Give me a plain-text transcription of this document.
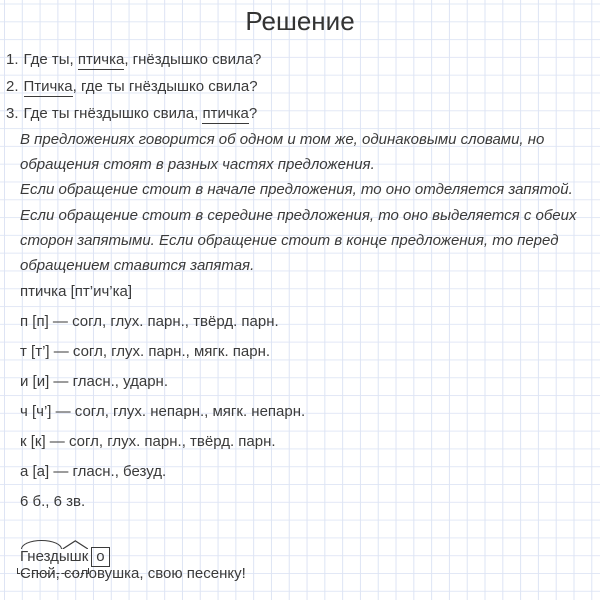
Решение
1. Где ты, птичка, гнёздышко свила?
2. Птичка, где ты гнёздышко свила?
3. Где ты гнёздышко свила, птичка?

В предложениях говорится об одном и том же, одинаковыми словами, но обращения стоят в разных частях предложения.

Если обращение стоит в начале предложения, то оно отделяется запятой. Если обращение стоит в середине предложения, то оно выделяется с обеих сторон запятыми. Если обращение стоит в конце предложения, то перед обращением ставится запятая.

птичка [пт’ич’ка]
п [п] — согл, глух. парн., твёрд. парн.
т [т’] — согл, глух. парн., мягк. парн.
и [и] — гласн., ударн.
ч [ч’] — согл, глух. непарн., мягк. непарн.
к [к] — согл, глух. парн., твёрд. парн.
а [а] — гласн., безуд.
6 б., 6 зв.
Гнездышк о
Спой, соловушка, свою песенку!
